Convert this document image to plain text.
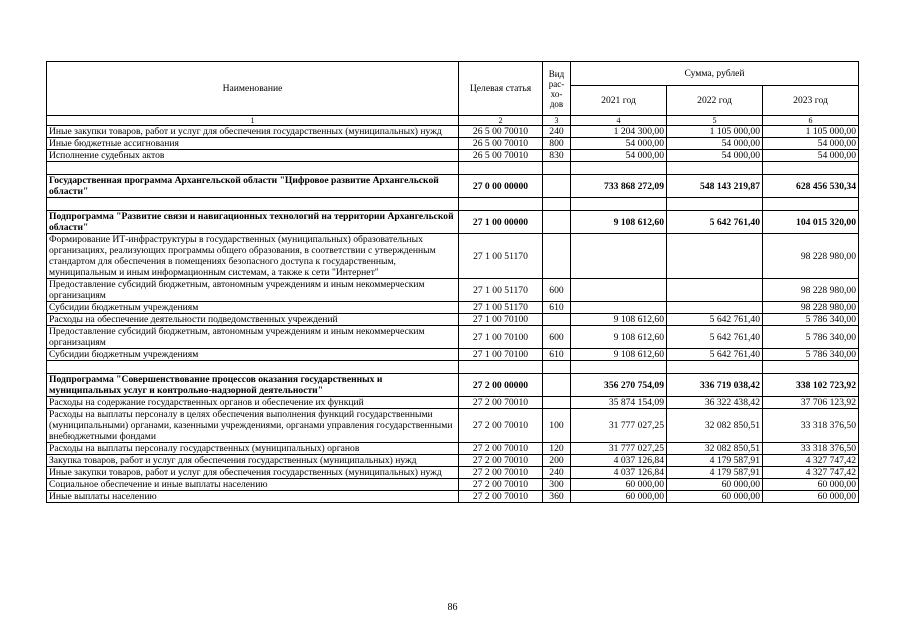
Наименование	Целевая статья	Вид рас-хо-дов	Сумма, рублей		
			2021 год	2022 год	2023 год
1	2	3	4	5	6
Иные закупки товаров, работ и услуг для обеспечения государственных (муниципальных) нужд	26 5 00 70010	240	1 204 300,00	1 105 000,00	1 105 000,00
Иные бюджетные ассигнования	26 5 00 70010	800	54 000,00	54 000,00	54 000,00
Исполнение судебных актов	26 5 00 70010	830	54 000,00	54 000,00	54 000,00

Государственная программа Архангельской области "Цифровое развитие Архангельской области"	27 0 00 00000		733 868 272,09	548 143 219,87	628 456 530,34

Подпрограмма "Развитие связи и навигационных технологий на территории Архангельской области"	27 1 00 00000		9 108 612,60	5 642 761,40	104 015 320,00
Формирование ИТ-инфраструктуры в государственных (муниципальных) образовательных организациях, реализующих программы общего образования, в соответствии с утвержденным стандартом для обеспечения в помещениях безопасного доступа к государственным, муниципальным и иным информационным системам, а также к сети "Интернет"	27 1 00 51170				98 228 980,00
Предоставление субсидий бюджетным, автономным учреждениям и иным некоммерческим организациям	27 1 00 51170	600			98 228 980,00
Субсидии бюджетным учреждениям	27 1 00 51170	610			98 228 980,00
Расходы на обеспечение деятельности подведомственных учреждений	27 1 00 70100		9 108 612,60	5 642 761,40	5 786 340,00
Предоставление субсидий бюджетным, автономным учреждениям и иным некоммерческим организациям	27 1 00 70100	600	9 108 612,60	5 642 761,40	5 786 340,00
Субсидии бюджетным учреждениям	27 1 00 70100	610	9 108 612,60	5 642 761,40	5 786 340,00

Подпрограмма "Совершенствование процессов оказания государственных и муниципальных услуг и контрольно-надзорной деятельности"	27 2 00 00000		356 270 754,09	336 719 038,42	338 102 723,92
Расходы на содержание государственных органов и обеспечение их функций	27 2 00 70010		35 874 154,09	36 322 438,42	37 706 123,92
Расходы на выплаты персоналу в целях обеспечения выполнения функций государственными (муниципальными) органами, казенными учреждениями, органами управления государственными внебюджетными фондами	27 2 00 70010	100	31 777 027,25	32 082 850,51	33 318 376,50
Расходы на выплаты персоналу государственных (муниципальных) органов	27 2 00 70010	120	31 777 027,25	32 082 850,51	33 318 376,50
Закупка товаров, работ и услуг для обеспечения государственных (муниципальных) нужд	27 2 00 70010	200	4 037 126,84	4 179 587,91	4 327 747,42
Иные закупки товаров, работ и услуг для обеспечения государственных (муниципальных) нужд	27 2 00 70010	240	4 037 126,84	4 179 587,91	4 327 747,42
Социальное обеспечение и иные выплаты населению	27 2 00 70010	300	60 000,00	60 000,00	60 000,00
Иные выплаты населению	27 2 00 70010	360	60 000,00	60 000,00	60 000,00
86
